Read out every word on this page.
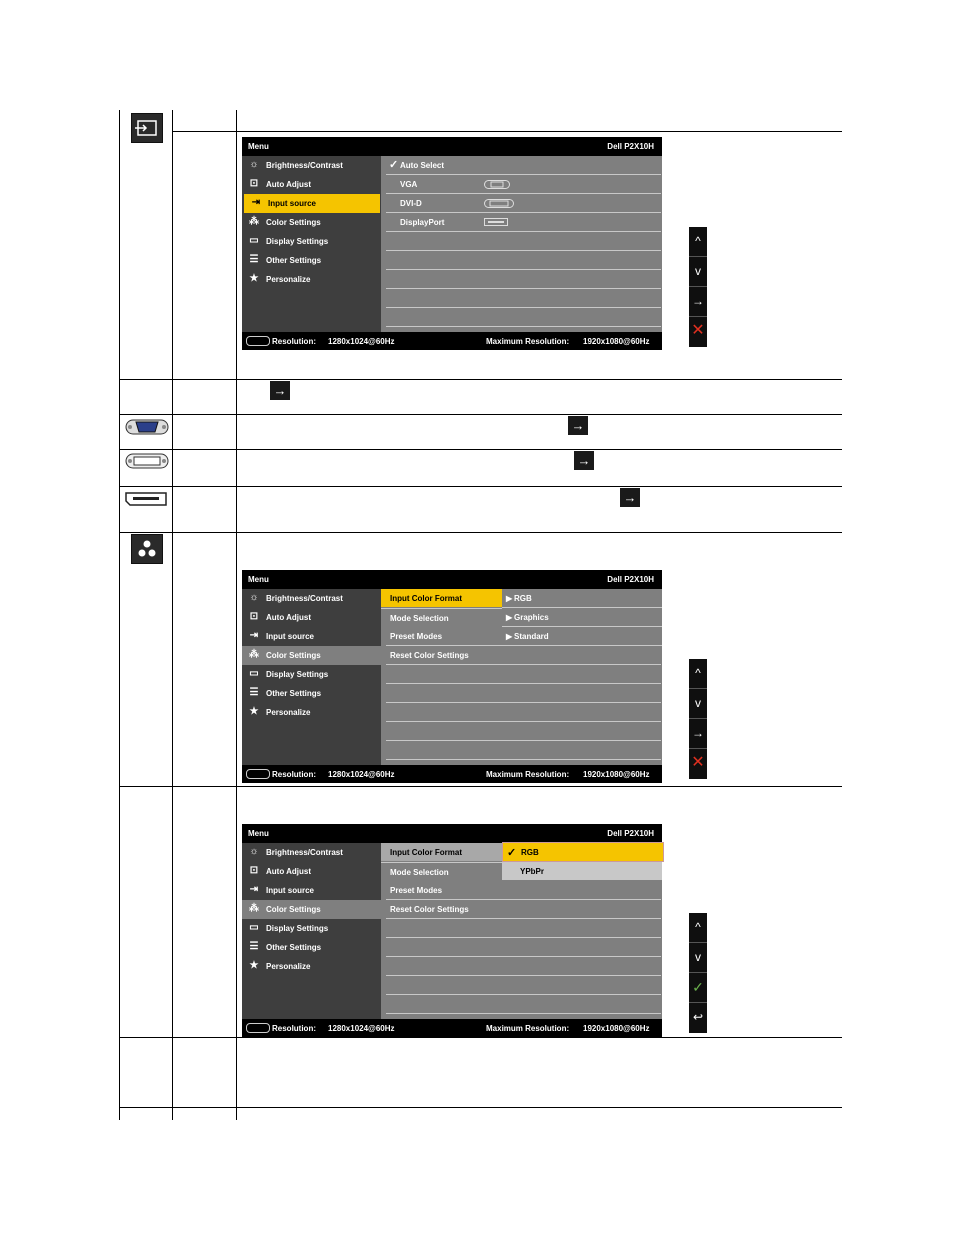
→
→
→
→
Menu	Dell P2X10H
☼ Brightness/Contrast
⊡ Auto Adjust
⇥ Input source
⁂ Color Settings
▭ Display Settings
☰ Other Settings
★ Personalize
✓ Auto Select
VGA
DVI-D
DisplayPort
Resolution: 1280x1024@60Hz	Maximum Resolution: 1920x1080@60Hz
^
v
→
✕
Menu	Dell P2X10H
☼ Brightness/Contrast
⊡ Auto Adjust
⇥ Input source
⁂ Color Settings
▭ Display Settings
☰ Other Settings
★ Personalize
Input Color Format
Mode Selection
Preset Modes
Reset Color Settings
▶ RGB
▶ Graphics
▶ Standard
Resolution: 1280x1024@60Hz	Maximum Resolution: 1920x1080@60Hz
^
v
→
✕
Menu	Dell P2X10H
☼ Brightness/Contrast
⊡ Auto Adjust
⇥ Input source
⁂ Color Settings
▭ Display Settings
☰ Other Settings
★ Personalize
Input Color Format
Mode Selection
Preset Modes
Reset Color Settings
✓ RGB
YPbPr
Resolution: 1280x1024@60Hz	Maximum Resolution: 1920x1080@60Hz
^
v
✓
↩
